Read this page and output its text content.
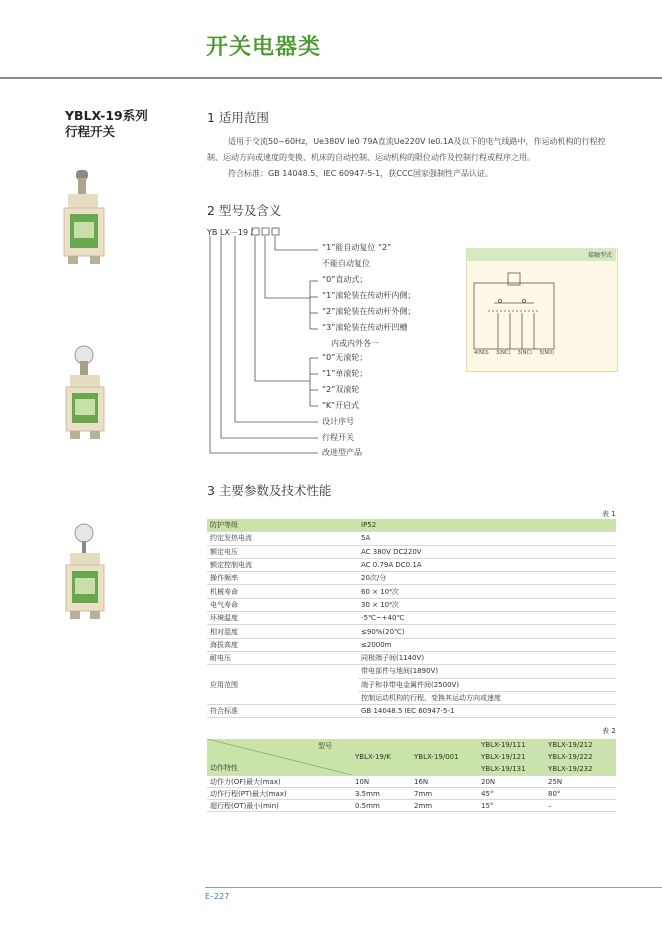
开关电器类
YBLX-19系列
行程开关
1 适用范围
适用于交流50~60Hz，Ue380V Ie0 79A直流Ue220V Ie0.1A及以下的电气线路中，作运动机构的行程控
制、运动方向或速度的变换、机床的自动控制、运动机构的限位动作及控制行程或程序之用。
符合标准：GB 14048.5、IEC 60947-5-1，获CCC国家强制性产品认证。
2 型号及含义
YB LX－19 /
“1”能自动复位 “2”
不能自动复位
“0”直动式；
“1”滚轮装在传动杆内侧；
“2”滚轮装在传动杆外侧；
“3”滚轮装在传动杆凹槽
内或内外各一
“0”无滚轮；
“1”单滚轮；
“2”双滚轮
“K”开启式
设计序号
行程开关
改进型产品
接触型式
4(NO) 3(NC) 3(NC) 3(NO)
3 主要参数及技术性能
表 1
防护等级	IP52
约定发热电流	5A
额定电压	AC 380V DC220V
额定控制电流	AC 0.79A DC0.1A
操作频率	20次/分
机械寿命	60 × 10⁴次
电气寿命	30 × 10⁴次
环境温度	-5℃~+40℃
相对湿度	≤90%(20℃)
海拔高度	≤2000m
耐电压	同极端子间(1140V)
应用范围	带电部件与地间(1890V)
	端子和非带电金属件间(2500V)
	控制运动机构的行程，变换其运动方向或速度
符合标准	GB 14048.5 IEC 60947-5-1
表 2
型号
动作特性	YBLX-19/K	YBLX-19/001	YBLX-19/111	YBLX-19/212
			YBLX-19/121	YBLX-19/222
			YBLX-19/131	YBLX-19/232
动作力(OF)最大(max)	10N	16N	20N	25N
动作行程(PT)最大(max)	3.5mm	7mm	45°	80°
超行程(OT)最小(min)	0.5mm	2mm	15°	–
E–227
